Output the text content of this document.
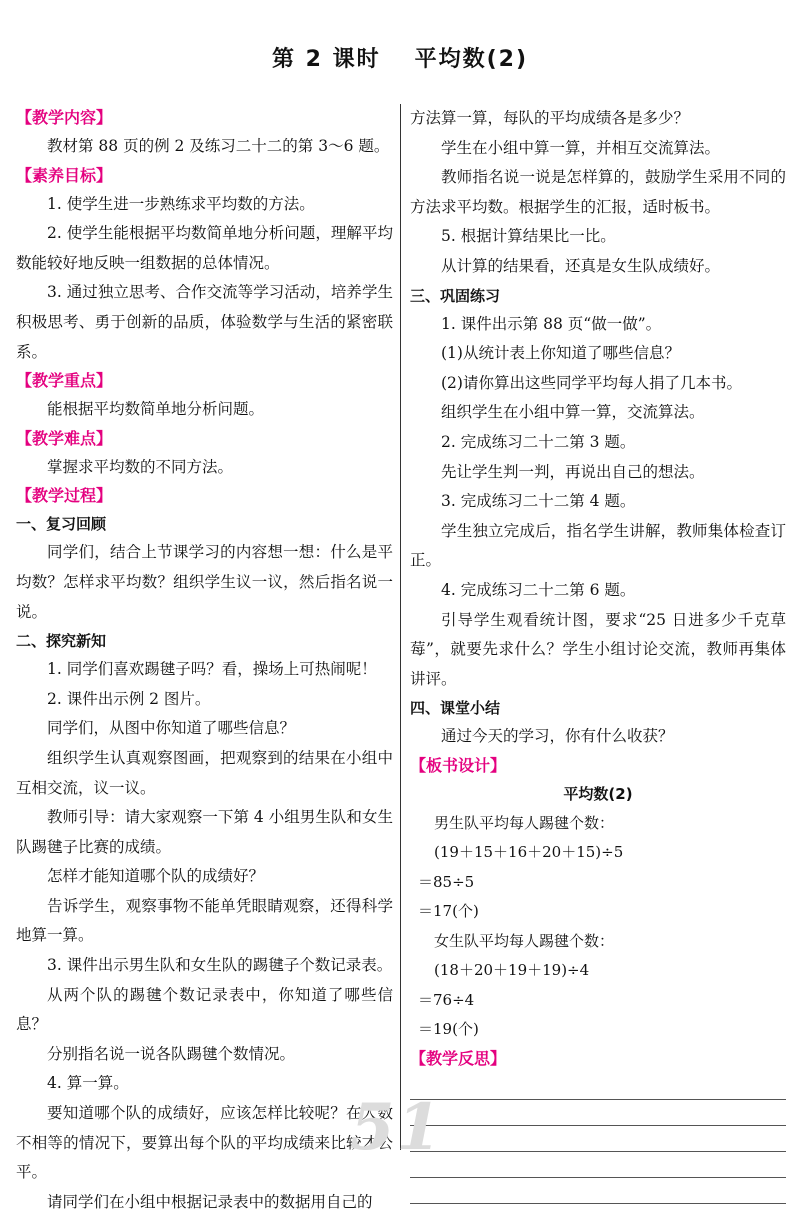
第 2 课时 平均数(2)

【教学内容】

教材第 88 页的例 2 及练习二十二的第 3～6 题。

【素养目标】

1. 使学生进一步熟练求平均数的方法。

2. 使学生能根据平均数简单地分析问题，理解平均数能较好地反映一组数据的总体情况。

3. 通过独立思考、合作交流等学习活动，培养学生积极思考、勇于创新的品质，体验数学与生活的紧密联系。

【教学重点】

能根据平均数简单地分析问题。

【教学难点】

掌握求平均数的不同方法。

【教学过程】

一、复习回顾

同学们，结合上节课学习的内容想一想：什么是平均数？怎样求平均数？组织学生议一议，然后指名说一说。

二、探究新知

1. 同学们喜欢踢毽子吗？看，操场上可热闹呢！

2. 课件出示例 2 图片。

同学们，从图中你知道了哪些信息？

组织学生认真观察图画，把观察到的结果在小组中互相交流，议一议。

教师引导：请大家观察一下第 4 小组男生队和女生队踢毽子比赛的成绩。

怎样才能知道哪个队的成绩好？

告诉学生，观察事物不能单凭眼睛观察，还得科学地算一算。

3. 课件出示男生队和女生队的踢毽子个数记录表。

从两个队的踢毽个数记录表中，你知道了哪些信息？

分别指名说一说各队踢毽个数情况。

4. 算一算。

要知道哪个队的成绩好，应该怎样比较呢？在人数不相等的情况下，要算出每个队的平均成绩来比较才公平。

请同学们在小组中根据记录表中的数据用自己的

方法算一算，每队的平均成绩各是多少？

学生在小组中算一算，并相互交流算法。

教师指名说一说是怎样算的，鼓励学生采用不同的方法求平均数。根据学生的汇报，适时板书。

5. 根据计算结果比一比。

从计算的结果看，还真是女生队成绩好。

三、巩固练习

1. 课件出示第 88 页“做一做”。

(1)从统计表上你知道了哪些信息？

(2)请你算出这些同学平均每人捐了几本书。

组织学生在小组中算一算，交流算法。

2. 完成练习二十二第 3 题。

先让学生判一判，再说出自己的想法。

3. 完成练习二十二第 4 题。

学生独立完成后，指名学生讲解，教师集体检查订正。

4. 完成练习二十二第 6 题。

引导学生观看统计图，要求“25 日进多少千克草莓”，就要先求什么？学生小组讨论交流，教师再集体讲评。

四、课堂小结

通过今天的学习，你有什么收获？

【板书设计】

平均数(2)

男生队平均每人踢毽个数：

(19＋15＋16＋20＋15)÷5

＝85÷5

＝17(个)

女生队平均每人踢毽个数：

(18＋20＋19＋19)÷4

＝76÷4

＝19(个)

【教学反思】

51
